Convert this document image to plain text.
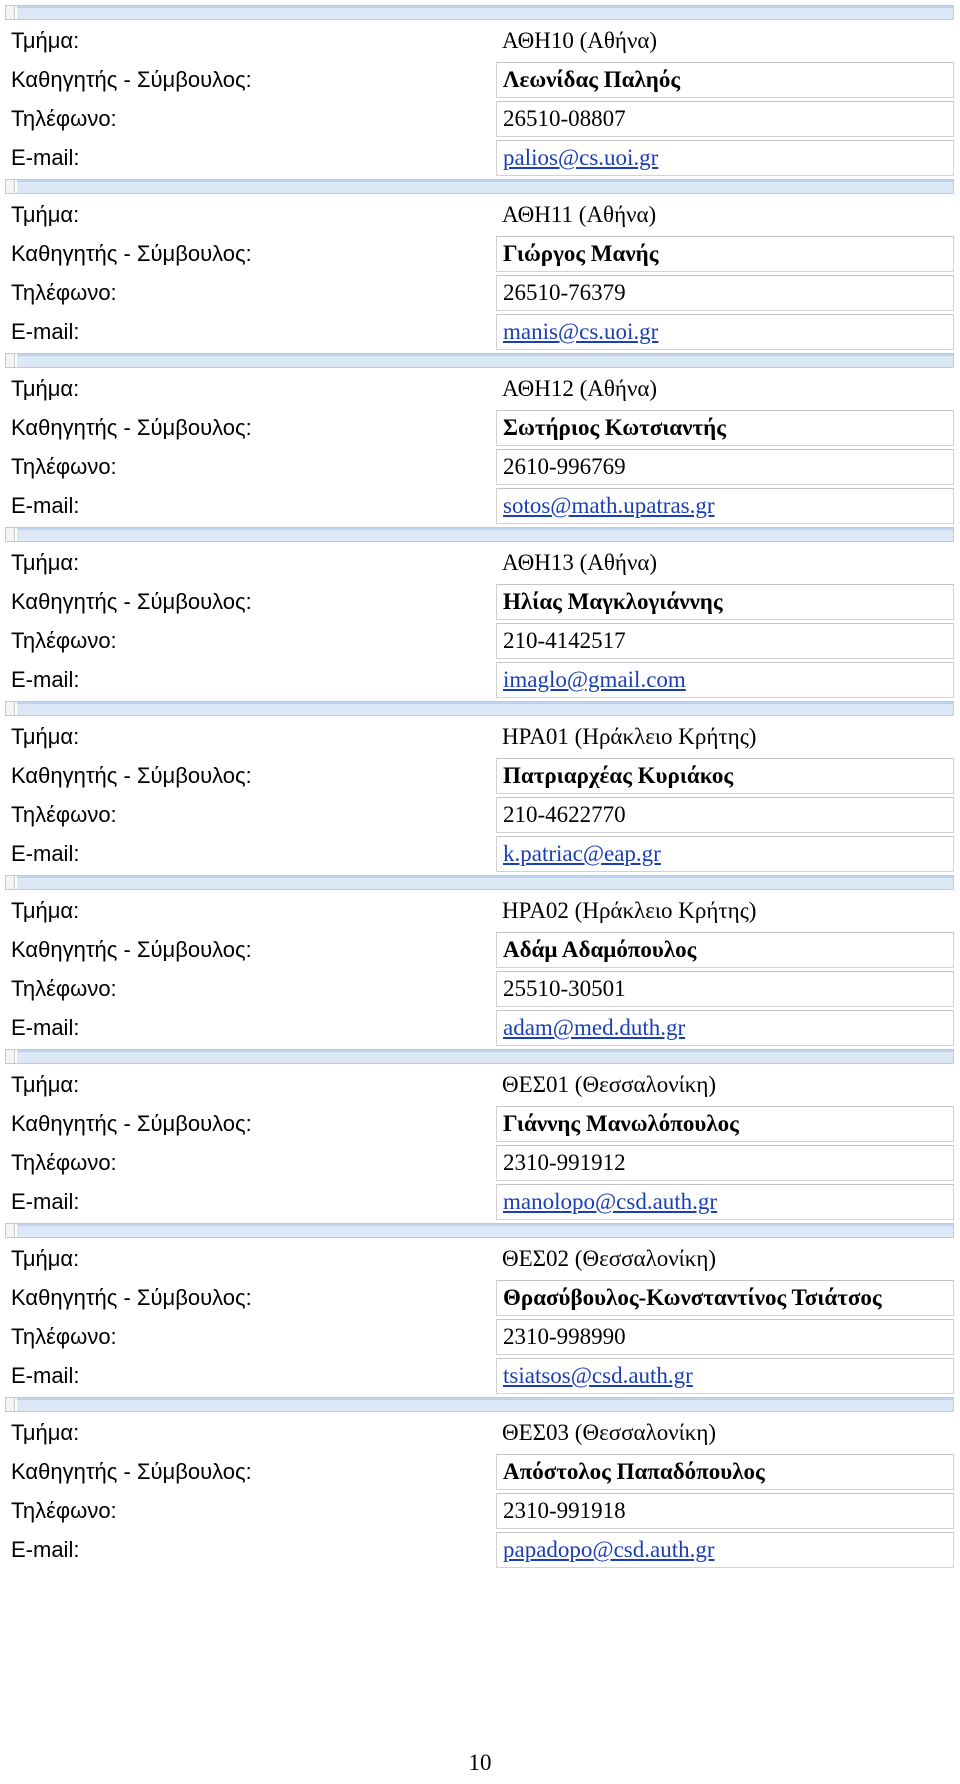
Τμήμα:	ΑΘΗ10 (Αθήνα)
Καθηγητής - Σύμβουλος:	Λεωνίδας Παληός
Τηλέφωνο:	26510-08807
E-mail:	palios@cs.uoi.gr
Τμήμα:	ΑΘΗ11 (Αθήνα)
Καθηγητής - Σύμβουλος:	Γιώργος Μανής
Τηλέφωνο:	26510-76379
E-mail:	manis@cs.uoi.gr
Τμήμα:	ΑΘΗ12 (Αθήνα)
Καθηγητής - Σύμβουλος:	Σωτήριος Κωτσιαντής
Τηλέφωνο:	2610-996769
E-mail:	sotos@math.upatras.gr
Τμήμα:	ΑΘΗ13 (Αθήνα)
Καθηγητής - Σύμβουλος:	Ηλίας Μαγκλογιάννης
Τηλέφωνο:	210-4142517
E-mail:	imaglo@gmail.com
Τμήμα:	ΗΡΑ01 (Ηράκλειο Κρήτης)
Καθηγητής - Σύμβουλος:	Πατριαρχέας Κυριάκος
Τηλέφωνο:	210-4622770
E-mail:	k.patriac@eap.gr
Τμήμα:	ΗΡΑ02 (Ηράκλειο Κρήτης)
Καθηγητής - Σύμβουλος:	Αδάμ Αδαμόπουλος
Τηλέφωνο:	25510-30501
E-mail:	adam@med.duth.gr
Τμήμα:	ΘΕΣ01 (Θεσσαλονίκη)
Καθηγητής - Σύμβουλος:	Γιάννης Μανωλόπουλος
Τηλέφωνο:	2310-991912
E-mail:	manolopo@csd.auth.gr
Τμήμα:	ΘΕΣ02 (Θεσσαλονίκη)
Καθηγητής - Σύμβουλος:	Θρασύβουλος-Κωνσταντίνος Τσιάτσος
Τηλέφωνο:	2310-998990
E-mail:	tsiatsos@csd.auth.gr
Τμήμα:	ΘΕΣ03 (Θεσσαλονίκη)
Καθηγητής - Σύμβουλος:	Απόστολος Παπαδόπουλος
Τηλέφωνο:	2310-991918
E-mail:	papadopo@csd.auth.gr
10
